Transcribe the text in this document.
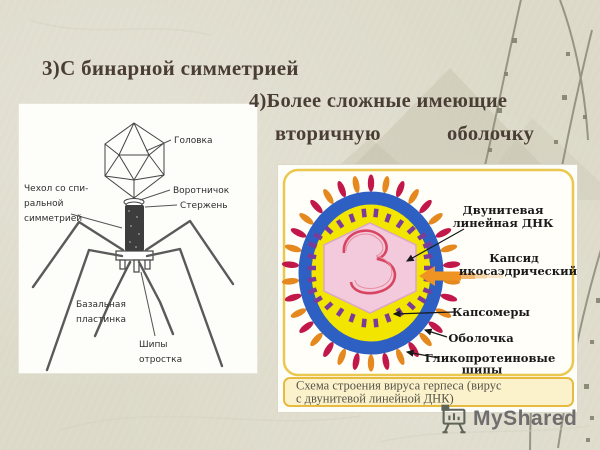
3)С бинарной симметрией
4)Более сложные имеющие
вторичную	оболочку
Головка
Воротничок
Стержень
Чехол со спи-
ральной
симметрией
Базальная
пластинка
Шипы
отростка
Двунитевая
линейная ДНК
Капсид
икосаэдрический
Капсомеры
Оболочка
Гликопротеиновые
шипы
Схема строения вируса герпеса (вирус
с двунитевой линейной ДНК)
MyShared
